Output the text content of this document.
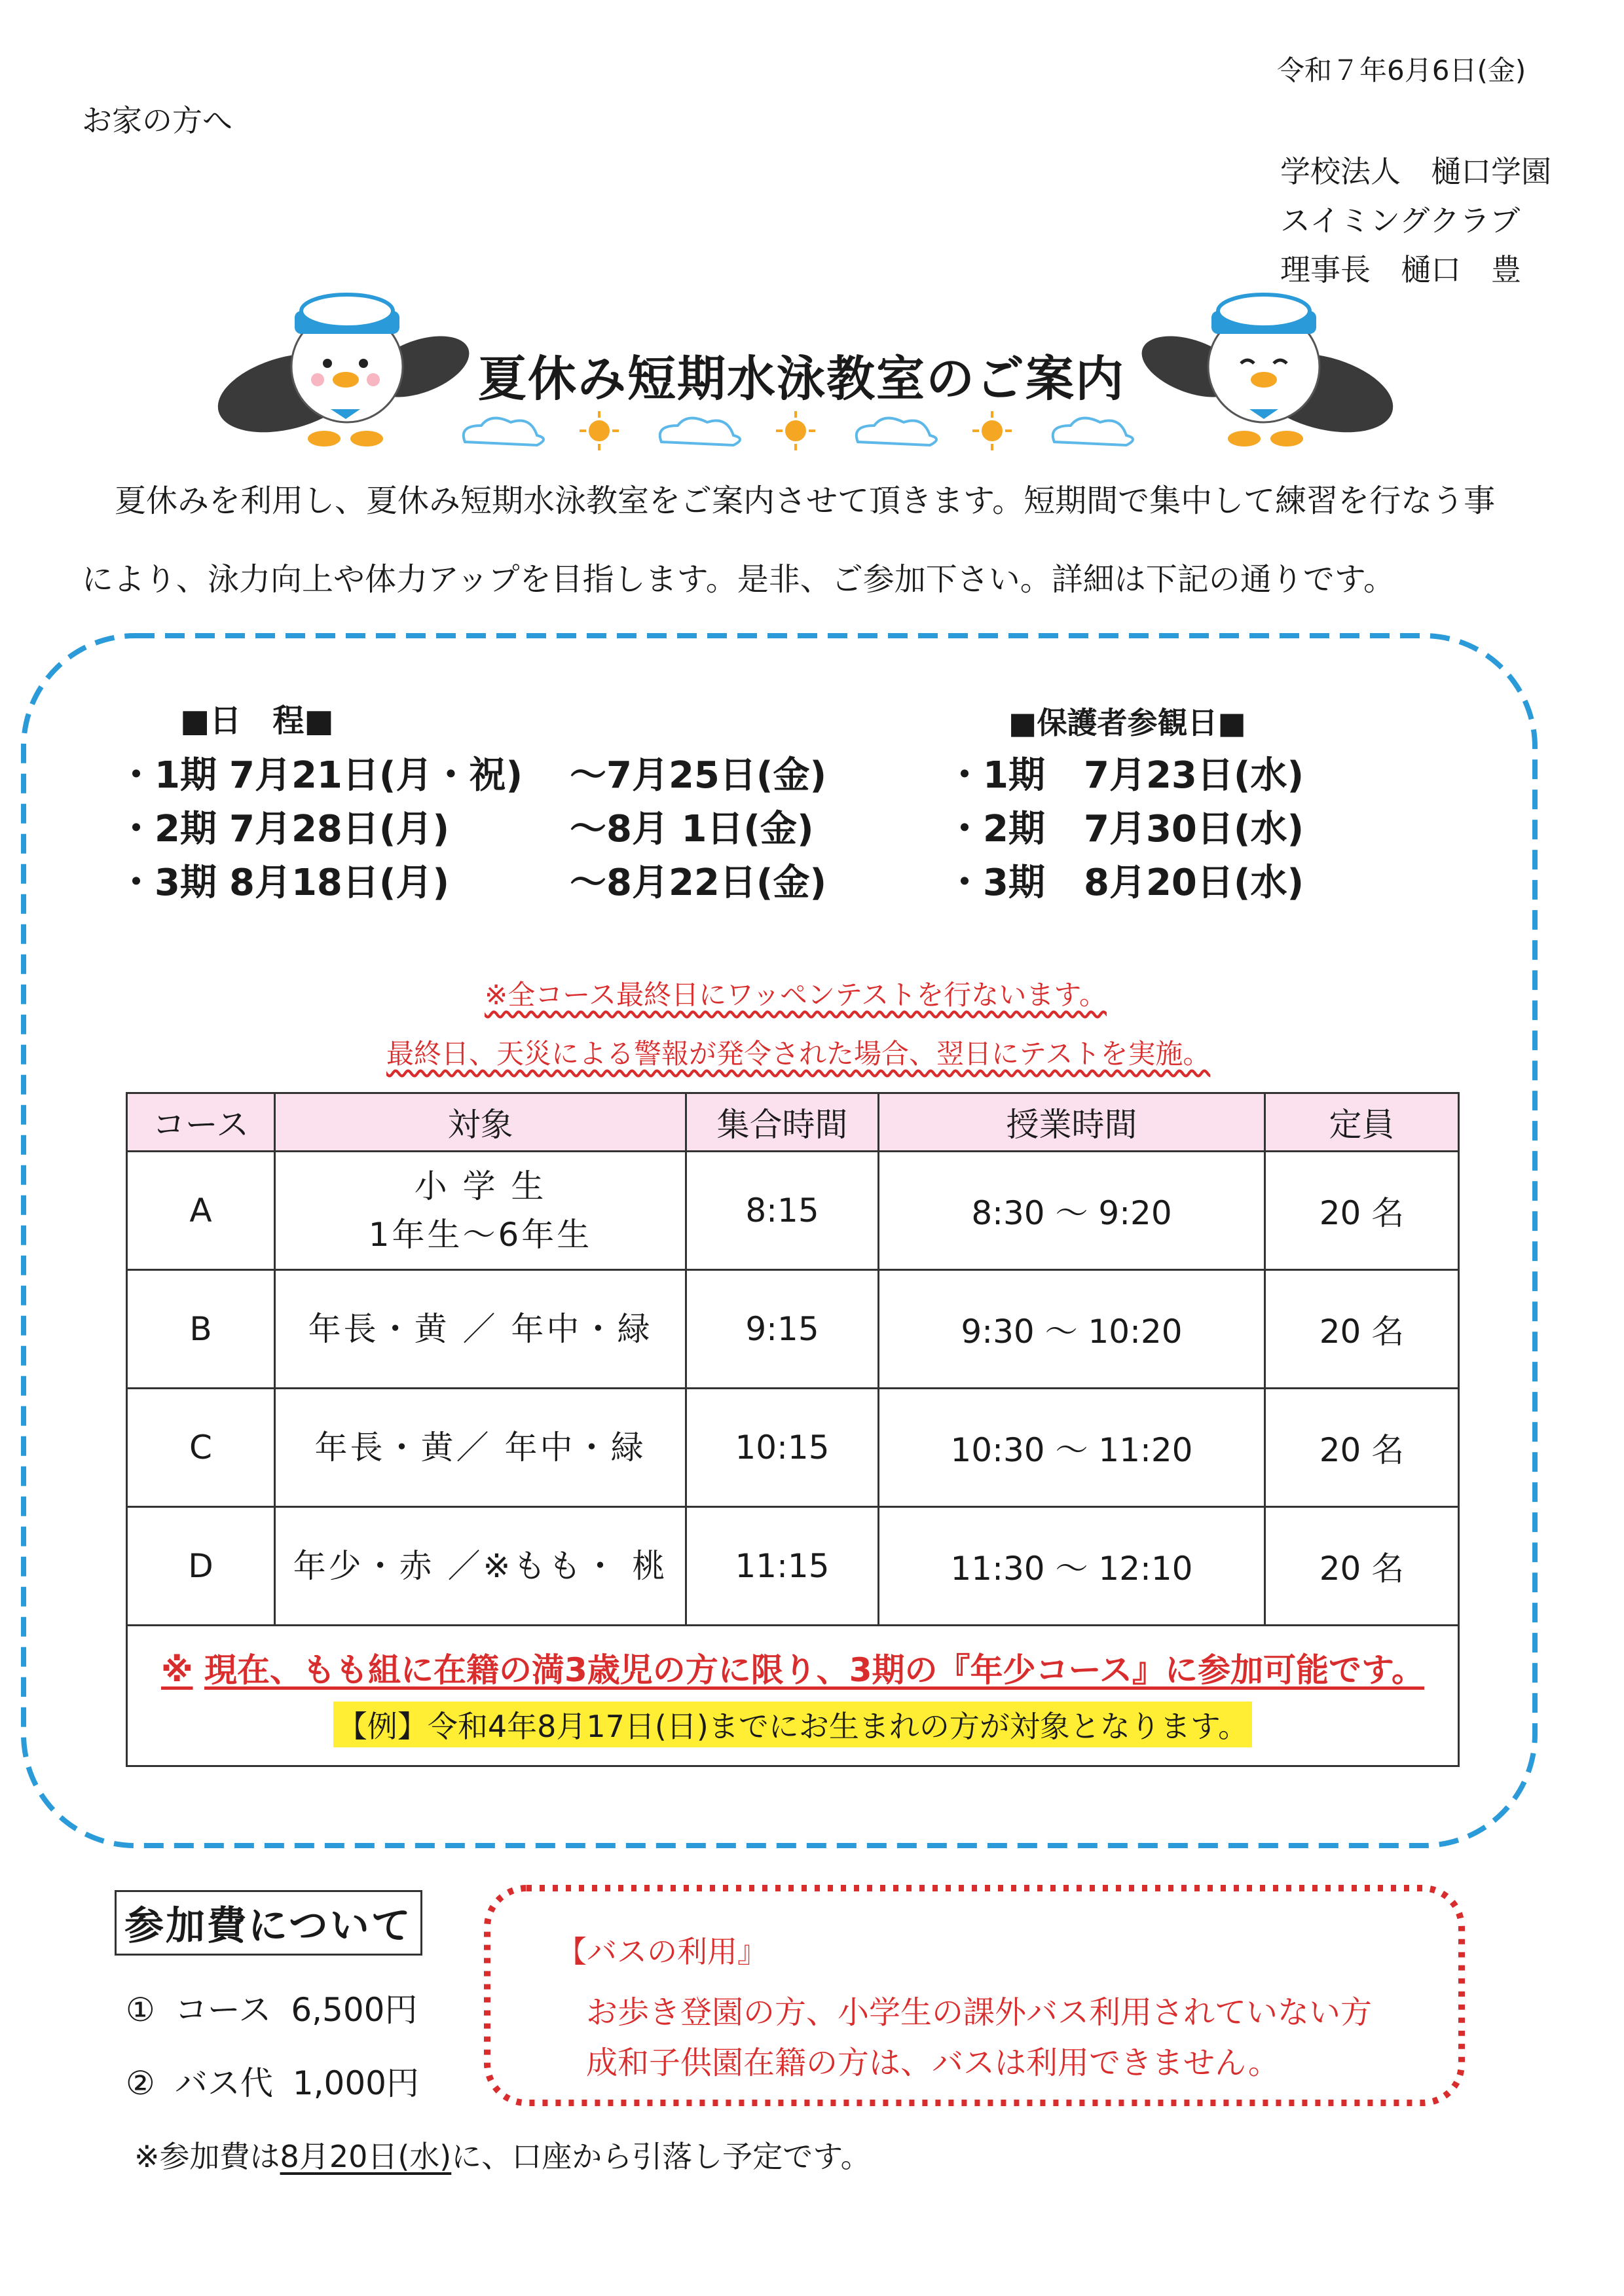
令和７年6月6日(金)
お家の方へ
学校法人　樋口学園
スイミングクラブ
理事長　樋口　豊
夏休み短期水泳教室のご案内
夏休みを利用し、夏休み短期水泳教室をご案内させて頂きます。短期間で集中して練習を行なう事
により、泳力向上や体力アップを目指します。是非、ご参加下さい。詳細は下記の通りです。
■日　程■
・1期 7月21日(月・祝) ～7月25日(金)
・2期 7月28日(月)	～8月 1日(金)
・3期 8月18日(月)	～8月22日(金)
■保護者参観日■
・1期 7月23日(水)
・2期 7月30日(水)
・3期 8月20日(水)
※全コース最終日にワッペンテストを行ないます。
最終日、天災による警報が発令された場合、翌日にテストを実施。
コース	対象	集合時間	授業時間	定員
A	小 学 生
1年生～6年生	8:15	8:30 ～ 9:20	20 名
B	年長・黄 ／ 年中・緑	9:15	9:30 ～ 10:20	20 名
C	年長・黄／ 年中・緑	10:15	10:30 ～ 11:20	20 名
D	年少・赤 ／※もも・ 桃	11:15	11:30 ～ 12:10	20 名

※ 現在、もも組に在籍の満3歳児の方に限り、3期の『年少コース』に参加可能です。
【例】令和4年8月17日(日)までにお生まれの方が対象となります。				
参加費について
① コース 6,500円
② バス代 1,000円
※参加費は8月20日(水)に、口座から引落し予定です。
【バスの利用』
お歩き登園の方、小学生の課外バス利用されていない方
成和子供園在籍の方は、バスは利用できません。
